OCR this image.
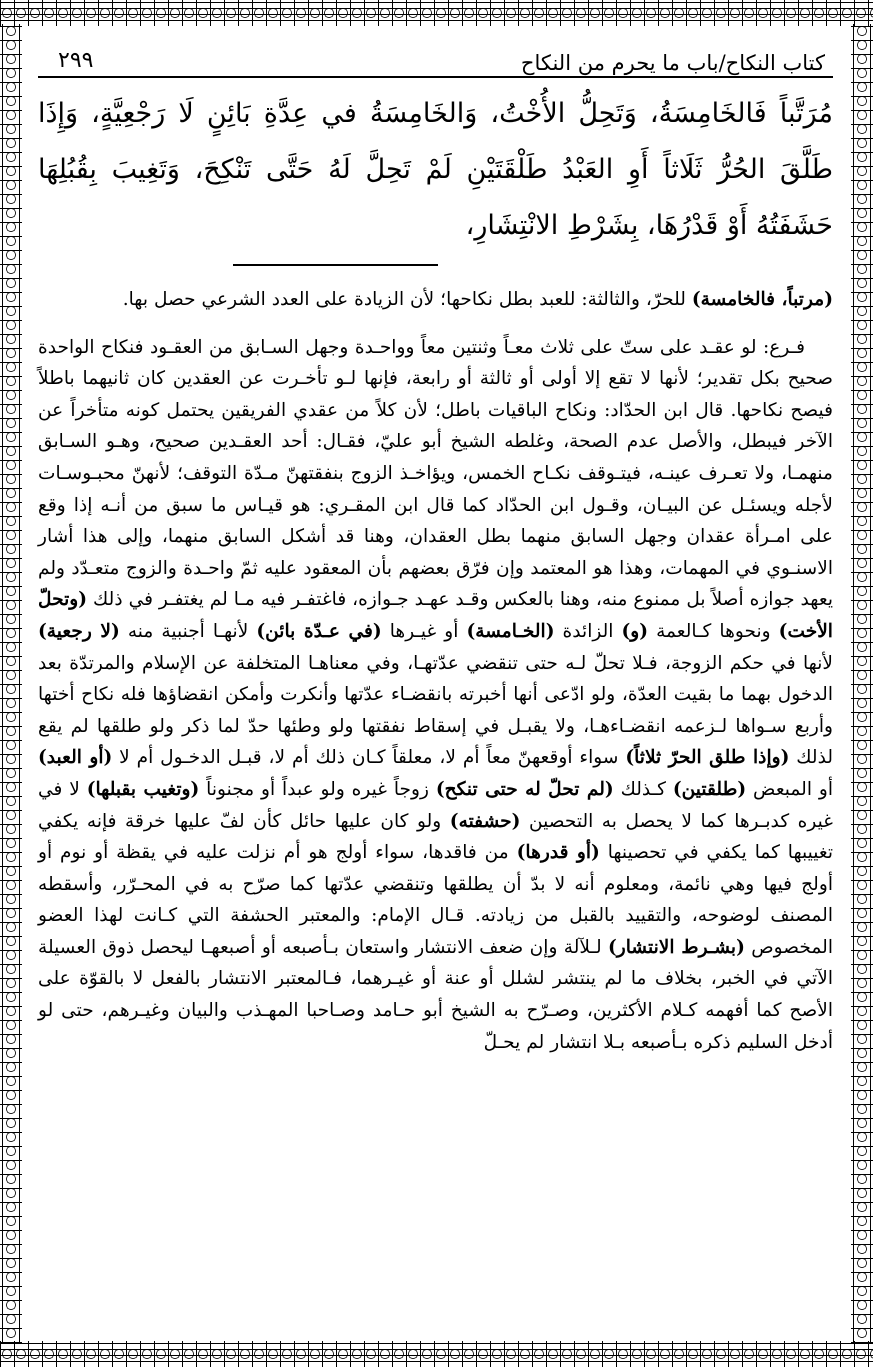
كتاب النكاح/باب ما يحرم من النكاح
٢٩٩
مُرَتَّباً فَالخَامِسَةُ، وَتَحِلُّ الأُخْتُ، وَالخَامِسَةُ في عِدَّةِ بَائِنٍ لَا رَجْعِيَّةٍ، وَإِذَا طَلَّقَ الحُرُّ ثَلَاثاً أَوِ العَبْدُ طَلْقَتَيْنِ لَمْ تَحِلَّ لَهُ حَتَّى تَنْكِحَ، وَتَغِيبَ بِقُبُلِهَا حَشَفَتُهُ أَوْ قَدْرُهَا، بِشَرْطِ الانْتِشَارِ،

(مرتباً، فالخامسة) للحرّ، والثالثة: للعبد بطل نكاحها؛ لأن الزيادة على العدد الشرعي حصل بها.

فـرع: لو عقـد على ستّ على ثلاث معـاً وثنتين معاً وواحـدة وجهل السـابق من العقـود فنكاح الواحدة صحيح بكل تقدير؛ لأنها لا تقع إلا أولى أو ثالثة أو رابعة، فإنها لـو تأخـرت عن العقدين كان ثانيهما باطلاً فيصح نكاحها. قال ابن الحدّاد: ونكاح الباقيات باطل؛ لأن كلاً من عقدي الفريقين يحتمل كونه متأخراً عن الآخر فيبطل، والأصل عدم الصحة، وغلطه الشيخ أبو عليّ، فقـال: أحد العقـدين صحيح، وهـو السـابق منهمـا، ولا تعـرف عينـه، فيتـوقف نكـاح الخمس، ويؤاخـذ الزوج بنفقتهنّ مـدّة التوقف؛ لأنهنّ محبـوسـات لأجله ويسئـل عن البيـان، وقـول ابن الحدّاد كما قال ابن المقـري: هو قيـاس ما سبق من أنـه إذا وقع على امـرأة عقدان وجهل السابق منهما بطل العقدان، وهنا قد أشكل السابق منهما، وإلى هذا أشار الاسنـوي في المهمات، وهذا هو المعتمد وإن فرّق بعضهم بأن المعقود عليه ثمّ واحـدة والزوج متعـدّد ولم يعهد جوازه أصلاً بل ممنوع منه، وهنا بالعكس وقـد عهـد جـوازه، فاغتفـر فيه مـا لم يغتفـر في ذلك (وتحلّ الأخت) ونحوها كـالعمة (و) الزائدة (الخـامسة) أو غيـرها (في عـدّة بائن) لأنهـا أجنبية منه (لا رجعية) لأنها في حكم الزوجة، فـلا تحلّ لـه حتى تنقضي عدّتهـا، وفي معناهـا المتخلفة عن الإسلام والمرتدّة بعد الدخول بهما ما بقيت العدّة، ولو ادّعى أنها أخبرته بانقضـاء عدّتها وأنكرت وأمكن انقضاؤها فله نكاح أختها وأربع سـواها لـزعمه انقضـاءهـا، ولا يقبـل في إسقاط نفقتها ولو وطئها حدّ لما ذكر ولو طلقها لم يقع لذلك (وإذا طلق الحرّ ثلاثاً) سواء أوقعهنّ معاً أم لا، معلقاً كـان ذلك أم لا، قبـل الدخـول أم لا (أو العبد) أو المبعض (طلقتين) كـذلك (لم تحلّ له حتى تنكح) زوجاً غيره ولو عبداً أو مجنوناً (وتغيب بقبلها) لا في غيره كدبـرها كما لا يحصل به التحصين (حشفته) ولو كان عليها حائل كأن لفّ عليها خرقة فإنه يكفي تغييبها كما يكفي في تحصينها (أو قدرها) من فاقدها، سواء أولج هو أم نزلت عليه في يقظة أو نوم أو أولج فيها وهي نائمة، ومعلوم أنه لا بدّ أن يطلقها وتنقضي عدّتها كما صرّح به في المحـرّر، وأسقطه المصنف لوضوحه، والتقييد بالقبل من زيادته. قـال الإمام: والمعتبر الحشفة التي كـانت لهذا العضو المخصوص (بشـرط الانتشار) لـلآلة وإن ضعف الانتشار واستعان بـأصبعه أو أصبعهـا ليحصل ذوق العسيلة الآتي في الخبر، بخلاف ما لم ينتشر لشلل أو عنة أو غيـرهما، فـالمعتبر الانتشار بالفعل لا بالقوّة على الأصح كما أفهمه كـلام الأكثرين، وصـرّح به الشيخ أبو حـامد وصـاحبا المهـذب والبيان وغيـرهم، حتى لو أدخل السليم ذكره بـأصبعه بـلا انتشار لم يحـلّ
